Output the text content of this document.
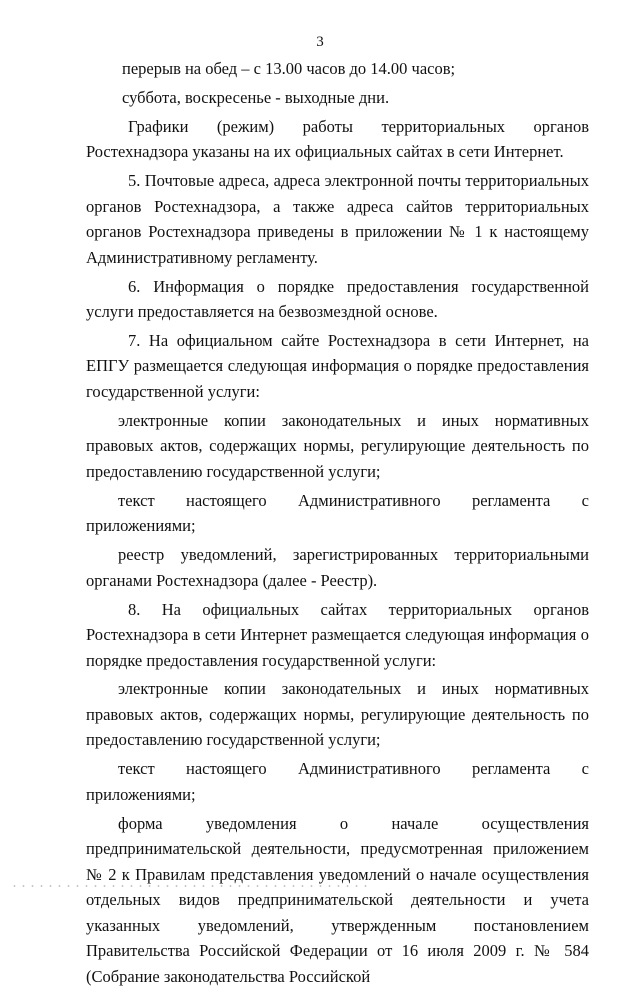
3

перерыв на обед – с 13.00 часов до 14.00 часов;

суббота, воскресенье - выходные дни.

Графики (режим) работы территориальных органов Ростехнадзора указаны на их официальных сайтах в сети Интернет.

5. Почтовые адреса, адреса электронной почты территориальных органов Ростехнадзора, а также адреса сайтов территориальных органов Ростехнадзора приведены в приложении № 1 к настоящему Административному регламенту.

6. Информация о порядке предоставления государственной услуги предоставляется на безвозмездной основе.

7. На официальном сайте Ростехнадзора в сети Интернет, на ЕПГУ размещается следующая информация о порядке предоставления государственной услуги:

электронные копии законодательных и иных нормативных правовых актов, содержащих нормы, регулирующие деятельность по предоставлению государственной услуги;

текст настоящего Административного регламента с приложениями;

реестр уведомлений, зарегистрированных территориальными органами Ростехнадзора (далее - Реестр).

8. На официальных сайтах территориальных органов Ростехнадзора в сети Интернет размещается следующая информация о порядке предоставления государственной услуги:

электронные копии законодательных и иных нормативных правовых актов, содержащих нормы, регулирующие деятельность по предоставлению государственной услуги;

текст настоящего Административного регламента с приложениями;

форма уведомления о начале осуществления предпринимательской деятельности, предусмотренная приложением № 2 к Правилам представления уведомлений о начале осуществления отдельных видов предпринимательской деятельности и учета указанных уведомлений, утвержденным постановлением Правительства Российской Федерации от 16 июля 2009 г. № 584 (Собрание законодательства Российской
